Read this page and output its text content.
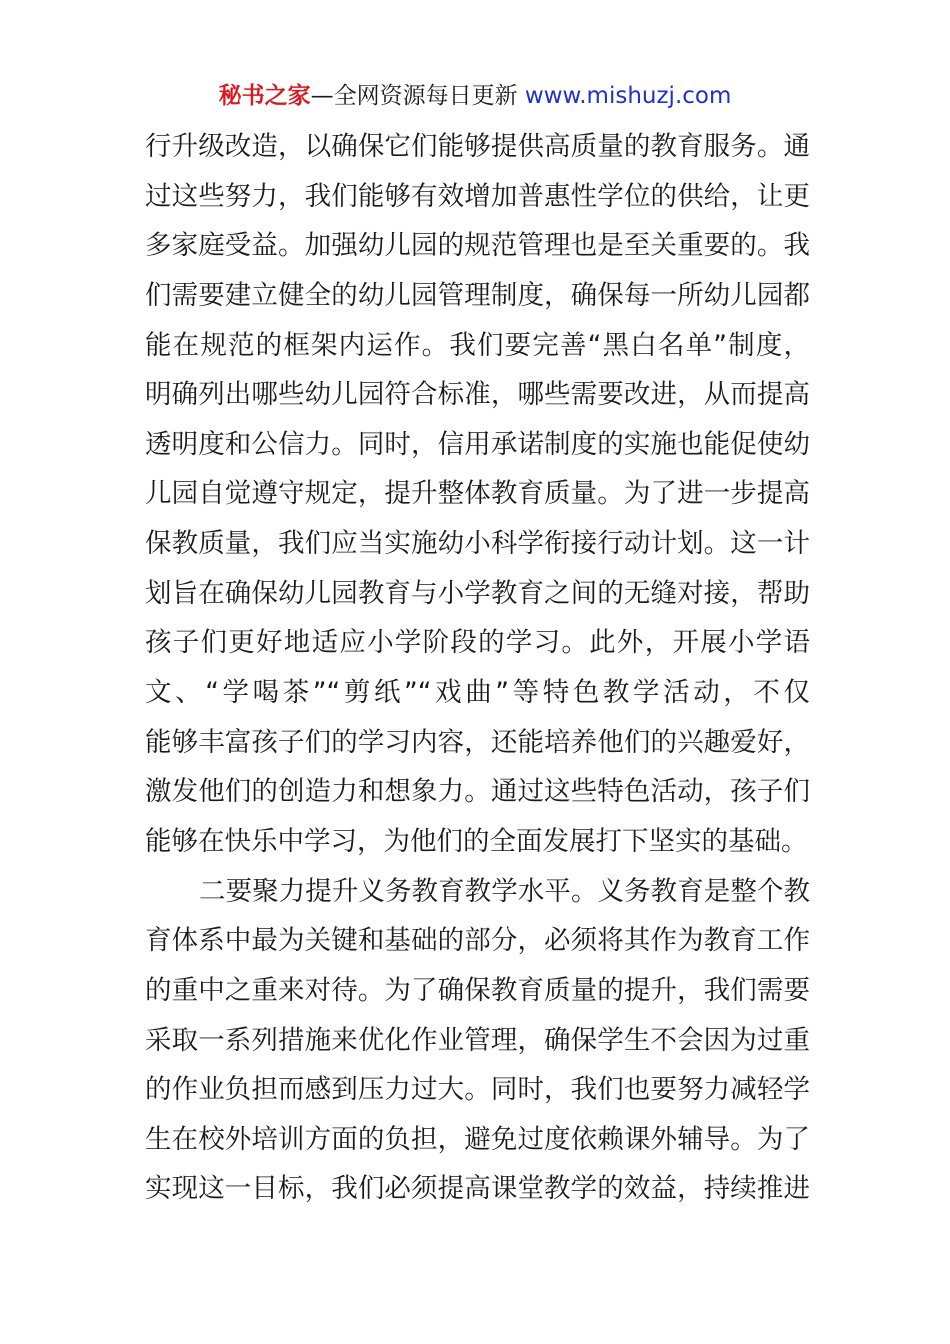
秘书之家—全网资源每日更新 www.mishuzj.com
行升级改造，以确保它们能够提供高质量的教育服务。通
过这些努力，我们能够有效增加普惠性学位的供给，让更
多家庭受益。加强幼儿园的规范管理也是至关重要的。我
们需要建立健全的幼儿园管理制度，确保每一所幼儿园都
能在规范的框架内运作。我们要完善“黑白名单”制度，
明确列出哪些幼儿园符合标准，哪些需要改进，从而提高
透明度和公信力。同时，信用承诺制度的实施也能促使幼
儿园自觉遵守规定，提升整体教育质量。为了进一步提高
保教质量，我们应当实施幼小科学衔接行动计划。这一计
划旨在确保幼儿园教育与小学教育之间的无缝对接，帮助
孩子们更好地适应小学阶段的学习。此外，开展小学语
文、“学喝茶”“剪纸”“戏曲”等特色教学活动，不仅
能够丰富孩子们的学习内容，还能培养他们的兴趣爱好，
激发他们的创造力和想象力。通过这些特色活动，孩子们
能够在快乐中学习，为他们的全面发展打下坚实的基础。
二要聚力提升义务教育教学水平。义务教育是整个教
育体系中最为关键和基础的部分，必须将其作为教育工作
的重中之重来对待。为了确保教育质量的提升，我们需要
采取一系列措施来优化作业管理，确保学生不会因为过重
的作业负担而感到压力过大。同时，我们也要努力减轻学
生在校外培训方面的负担，避免过度依赖课外辅导。为了
实现这一目标，我们必须提高课堂教学的效益，持续推进
